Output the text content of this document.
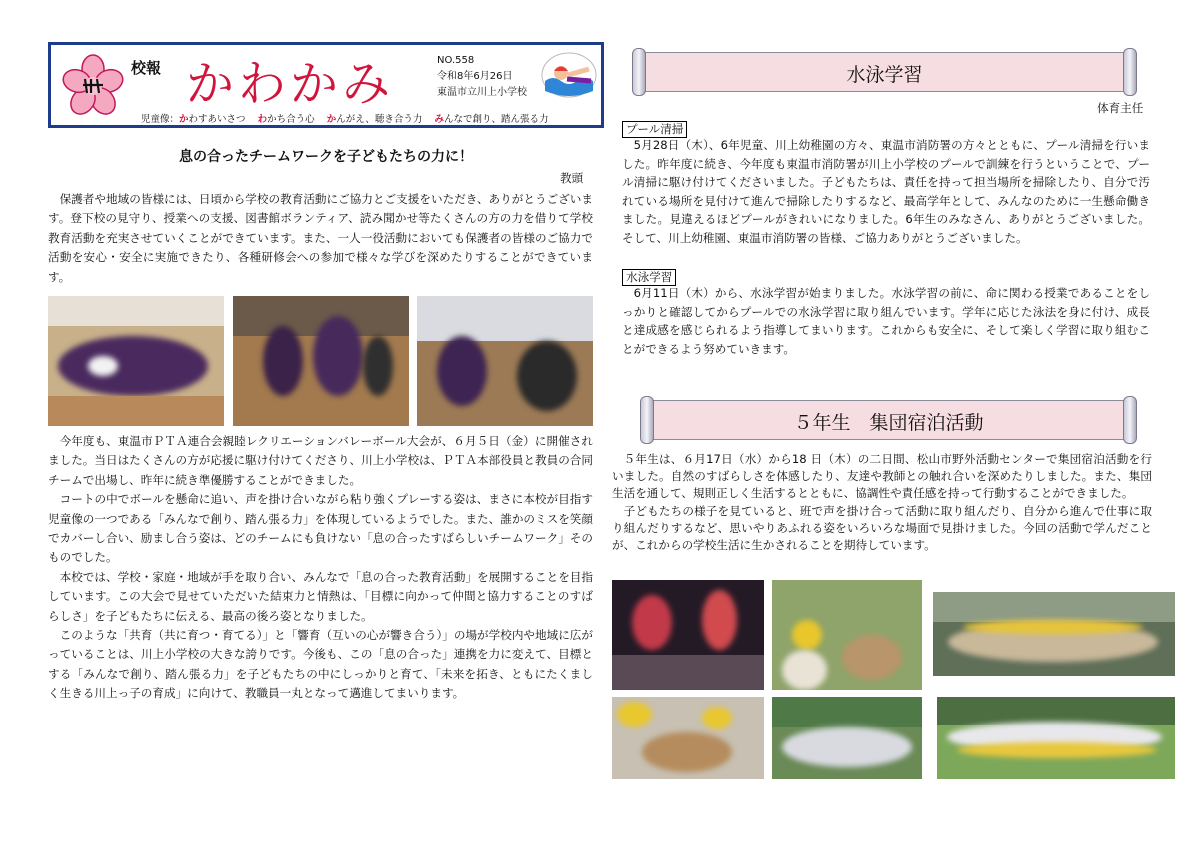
校報 かわかみ	NO.558
令和8年6月26日
東温市立川上小学校
児童像：かわすあいさつ わかち合う心 かんがえ、聴き合う力 みんなで創り、踏ん張る力
息の合ったチームワークを子どもたちの力に！
教頭

保護者や地域の皆様には、日頃から学校の教育活動にご協力とご支援をいただき、ありがとうございます。登下校の見守り、授業への支援、図書館ボランティア、読み聞かせ等たくさんの方の力を借りて学校教育活動を充実させていくことができています。また、一人一役活動においても保護者の皆様のご協力で活動を安心・安全に実施できたり、各種研修会への参加で様々な学びを深めたりすることができています。

今年度も、東温市ＰＴＡ連合会親睦レクリエーションバレーボール大会が、６月５日（金）に開催されました。当日はたくさんの方が応援に駆け付けてくださり、川上小学校は、ＰＴＡ本部役員と教員の合同チームで出場し、昨年に続き準優勝することができました。

コートの中でボールを懸命に追い、声を掛け合いながら粘り強くプレーする姿は、まさに本校が目指す児童像の一つである「みんなで創り、踏ん張る力」を体現しているようでした。また、誰かのミスを笑顔でカバーし合い、励まし合う姿は、どのチームにも負けない「息の合ったすばらしいチームワーク」そのものでした。

本校では、学校・家庭・地域が手を取り合い、みんなで「息の合った教育活動」を展開することを目指しています。この大会で見せていただいた結束力と情熱は、「目標に向かって仲間と協力することのすばらしさ」を子どもたちに伝える、最高の後ろ姿となりました。

このような「共育（共に育つ・育てる）」と「響育（互いの心が響き合う）」の場が学校内や地域に広がっていることは、川上小学校の大きな誇りです。今後も、この「息の合った」連携を力に変えて、目標とする「みんなで創り、踏ん張る力」を子どもたちの中にしっかりと育て、「未来を拓き、ともにたくましく生きる川上っ子の育成」に向けて、教職員一丸となって邁進してまいります。

水泳学習
体育主任
プール清掃

5月28日（木）、6年児童、川上幼稚園の方々、東温市消防署の方々とともに、プール清掃を行いました。昨年度に続き、今年度も東温市消防署が川上小学校のプールで訓練を行うということで、プール清掃に駆け付けてくださいました。子どもたちは、責任を持って担当場所を掃除したり、自分で汚れている場所を見付けて進んで掃除したりするなど、最高学年として、みんなのために一生懸命働きました。見違えるほどプールがきれいになりました。6年生のみなさん、ありがとうございました。そして、川上幼稚園、東温市消防署の皆様、ご協力ありがとうございました。

水泳学習

6月11日（木）から、水泳学習が始まりました。水泳学習の前に、命に関わる授業であることをしっかりと確認してからプールでの水泳学習に取り組んでいます。学年に応じた泳法を身に付け、成長と達成感を感じられるよう指導してまいります。これからも安全に、そして楽しく学習に取り組むことができるよう努めていきます。

５年生　集団宿泊活動

５年生は、６月17日（水）から18 日（木）の二日間、松山市野外活動センターで集団宿泊活動を行いました。自然のすばらしさを体感したり、友達や教師との触れ合いを深めたりしました。また、集団生活を通して、規則正しく生活するとともに、協調性や責任感を持って行動することができました。

子どもたちの様子を見ていると、班で声を掛け合って活動に取り組んだり、自分から進んで仕事に取り組んだりするなど、思いやりあふれる姿をいろいろな場面で見掛けました。今回の活動で学んだことが、これからの学校生活に生かされることを期待しています。
